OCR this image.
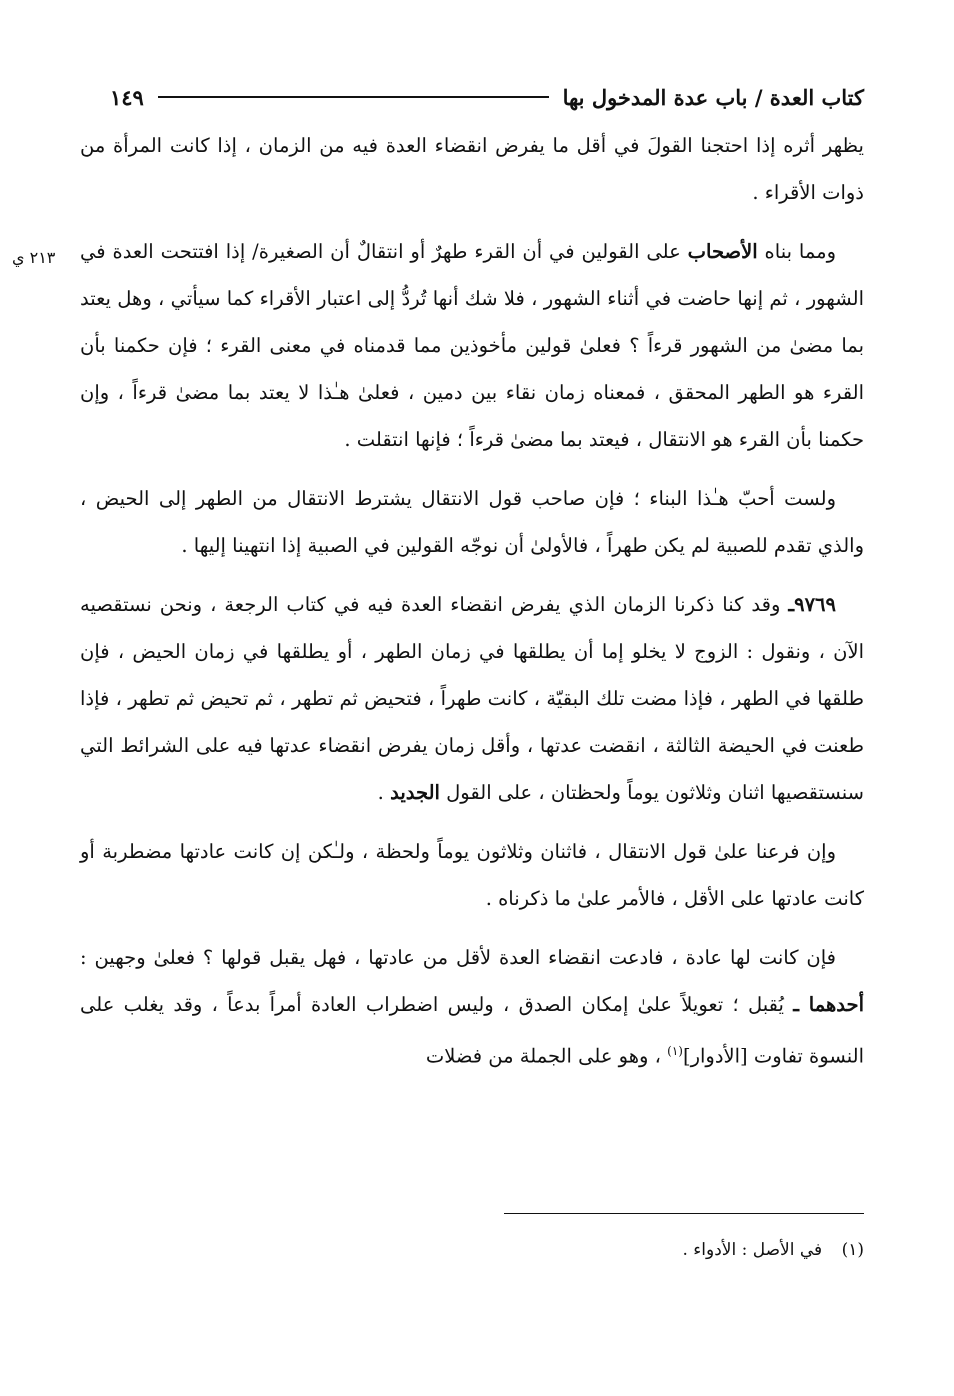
كتاب العدة / باب عدة المدخول بها
١٤٩
٢١٣ ي

يظهر أثره إذا احتجنا القولَ في أقل ما يفرض انقضاء العدة فيه من الزمان ، إذا كانت المرأة من ذوات الأقراء .

ومما بناه الأصحاب على القولين في أن القرء طهرٌ أو انتقالٌ أن الصغيرة/ إذا افتتحت العدة في الشهور ، ثم إنها حاضت في أثناء الشهور ، فلا شك أنها تُردُّ إلى اعتبار الأقراء كما سيأتي ، وهل يعتد بما مضىٰ من الشهور قرءاً ؟ فعلىٰ قولين مأخوذين مما قدمناه في معنى القرء ؛ فإن حكمنا بأن القرء هو الطهر المحقق ، فمعناه زمان نقاء بين دمين ، فعلىٰ هـٰذا لا يعتد بما مضىٰ قرءاً ، وإن حكمنا بأن القرء هو الانتقال ، فيعتد بما مضىٰ قرءاً ؛ فإنها انتقلت .

ولست أحبّ هـٰذا البناء ؛ فإن صاحب قول الانتقال يشترط الانتقال من الطهر إلى الحيض ، والذي تقدم للصبية لم يكن طهراً ، فالأولىٰ أن نوجّه القولين في الصبية إذا انتهينا إليها .

٩٧٦٩ـ وقد كنا ذكرنا الزمان الذي يفرض انقضاء العدة فيه في كتاب الرجعة ، ونحن نستقصيه الآن ، ونقول : الزوج لا يخلو إما أن يطلقها في زمان الطهر ، أو يطلقها في زمان الحيض ، فإن طلقها في الطهر ، فإذا مضت تلك البقيّة ، كانت طهراً ، فتحيض ثم تطهر ، ثم تحيض ثم تطهر ، فإذا طعنت في الحيضة الثالثة ، انقضت عدتها ، وأقل زمان يفرض انقضاء عدتها فيه على الشرائط التي سنستقصيها اثنان وثلاثون يوماً ولحظتان ، على القول الجديد .

وإن فرعنا علىٰ قول الانتقال ، فاثنان وثلاثون يوماً ولحظة ، ولـٰكن إن كانت عادتها مضطربة أو كانت عادتها على الأقل ، فالأمر علىٰ ما ذكرناه .

فإن كانت لها عادة ، فادعت انقضاء العدة لأقل من عادتها ، فهل يقبل قولها ؟ فعلىٰ وجهين : أحدهما ـ يُقبل ؛ تعويلاً علىٰ إمكان الصدق ، وليس اضطراب العادة أمراً بدعاً ، وقد يغلب على النسوة تفاوت [الأدوار]$^{(١)}$ ، وهو على الجملة من فضلات

(١) في الأصل : الأدواء .
